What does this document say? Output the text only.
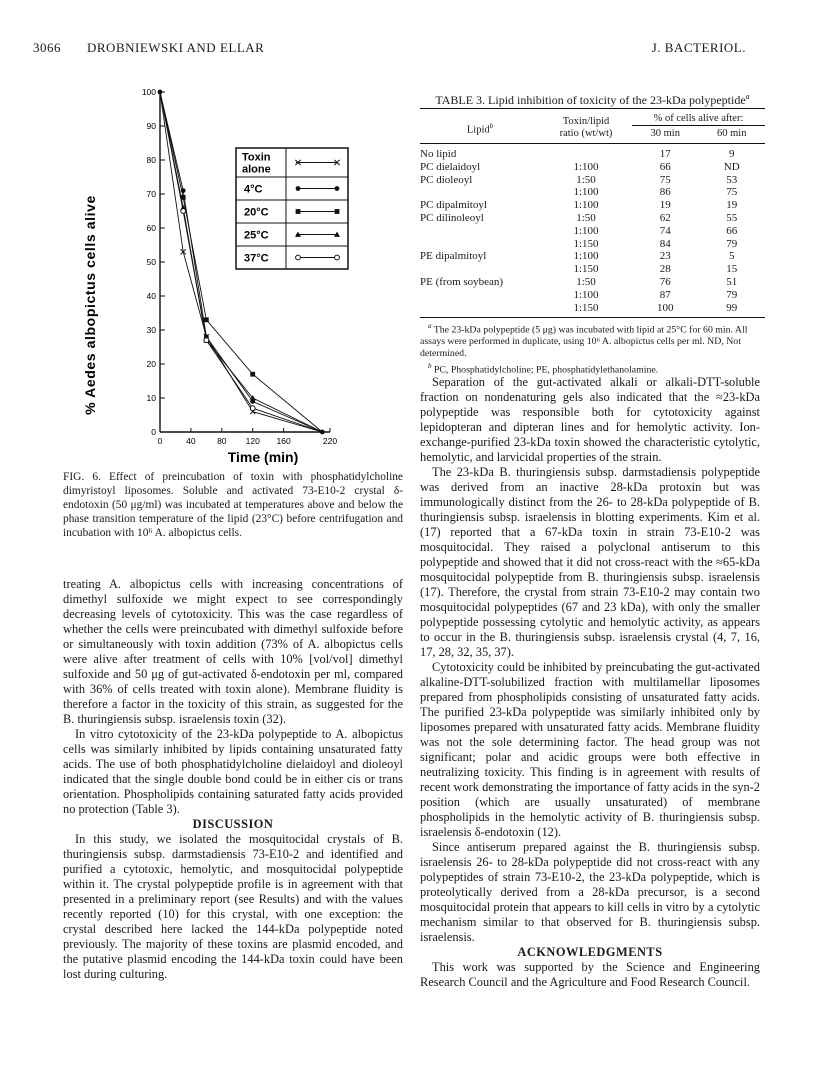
3066 DROBNIEWSKI AND ELLAR	J. BACTERIOL.
0
10
20
30
40
50
60
70
80
90
100
0	40	80 120 160	220
% Aedes albopictus cells alive
Time (min)
Toxin
alone
4°C
20°C
25°C
37°C
FIG. 6. Effect of preincubation of toxin with phosphatidylcholine dimyristoyl liposomes. Soluble and activated 73-E10-2 crystal δ-endotoxin (50 μg/ml) was incubated at temperatures above and below the phase transition temperature of the lipid (23°C) before centrifugation and incubation with 10⁶ A. albopictus cells.

treating A. albopictus cells with increasing concentrations of dimethyl sulfoxide we might expect to see correspondingly decreasing levels of cytotoxicity. This was the case regardless of whether the cells were preincubated with dimethyl sulfoxide before or simultaneously with toxin addition (73% of A. albopictus cells were alive after treatment of cells with 10% [vol/vol] dimethyl sulfoxide and 50 μg of gut-activated δ-endotoxin per ml, compared with 36% of cells treated with toxin alone). Membrane fluidity is therefore a factor in the toxicity of this strain, as suggested for the B. thuringiensis subsp. israelensis toxin (32).

In vitro cytotoxicity of the 23-kDa polypeptide to A. albopictus cells was similarly inhibited by lipids containing unsaturated fatty acids. The use of both phosphatidylcholine dielaidoyl and dioleoyl indicated that the single double bond could be in either cis or trans orientation. Phospholipids containing saturated fatty acids provided no protection (Table 3).

DISCUSSION

In this study, we isolated the mosquitocidal crystals of B. thuringiensis subsp. darmstadiensis 73-E10-2 and identified and purified a cytotoxic, hemolytic, and mosquitocidal polypeptide within it. The crystal polypeptide profile is in agreement with that presented in a preliminary report (see Results) and with the values recently reported (10) for this crystal, with one exception: the crystal described here lacked the 144-kDa polypeptide noted previously. The majority of these toxins are plasmid encoded, and the putative plasmid encoding the 144-kDa toxin could have been lost during culturing.

TABLE 3. Lipid inhibition of toxicity of the 23-kDa polypeptide$^a$
Lipid$^b$	Toxin/lipid
ratio (wt/wt)	% of cells alive after:	
		30 min	60 min
No lipid		17	9
PC dielaidoyl	1:100	66	ND
PC dioleoyl	1:50	75	53
	1:100	86	75
PC dipalmitoyl	1:100	19	19
PC dilinoleoyl	1:50	62	55
	1:100	74	66
	1:150	84	79
PE dipalmitoyl	1:100	23	5
	1:150	28	15
PE (from soybean)	1:50	76	51
	1:100	87	79
	1:150	100	99

$^a$ The 23-kDa polypeptide (5 μg) was incubated with lipid at 25°C for 60 min. All assays were performed in duplicate, using 10⁶ A. albopictus cells per ml. ND, Not determined.

$^b$ PC, Phosphatidylcholine; PE, phosphatidylethanolamine.

Separation of the gut-activated alkali or alkali-DTT-soluble fraction on nondenaturing gels also indicated that the ≈23-kDa polypeptide was responsible both for cytotoxicity against lepidopteran and dipteran lines and for hemolytic activity. Ion-exchange-purified 23-kDa toxin showed the characteristic cytolytic, hemolytic, and larvicidal properties of the strain.

The 23-kDa B. thuringiensis subsp. darmstadiensis polypeptide was derived from an inactive 28-kDa protoxin but was immunologically distinct from the 26- to 28-kDa polypeptide of B. thuringiensis subsp. israelensis in blotting experiments. Kim et al. (17) reported that a 67-kDa toxin in strain 73-E10-2 was mosquitocidal. They raised a polyclonal antiserum to this polypeptide and showed that it did not cross-react with the ≈65-kDa mosquitocidal polypeptide from B. thuringiensis subsp. israelensis (17). Therefore, the crystal from strain 73-E10-2 may contain two mosquitocidal polypeptides (67 and 23 kDa), with only the smaller polypeptide possessing cytolytic and hemolytic activity, as appears to occur in the B. thuringiensis subsp. israelensis crystal (4, 7, 16, 17, 28, 32, 35, 37).

Cytotoxicity could be inhibited by preincubating the gut-activated alkaline-DTT-solubilized fraction with multilamellar liposomes prepared from phospholipids consisting of unsaturated fatty acids. The purified 23-kDa polypeptide was similarly inhibited only by liposomes prepared with unsaturated fatty acids. Membrane fluidity was not the sole determining factor. The head group was not significant; polar and acidic groups were both effective in neutralizing toxicity. This finding is in agreement with results of recent work demonstrating the importance of fatty acids in the syn-2 position (which are usually unsaturated) of membrane phospholipids in the hemolytic activity of B. thuringiensis subsp. israelensis δ-endotoxin (12).

Since antiserum prepared against the B. thuringiensis subsp. israelensis 26- to 28-kDa polypeptide did not cross-react with any polypeptides of strain 73-E10-2, the 23-kDa polypeptide, which is proteolytically derived from a 28-kDa precursor, is a second mosquitocidal protein that appears to kill cells in vitro by a cytolytic mechanism similar to that observed for B. thuringiensis subsp. israelensis.

ACKNOWLEDGMENTS

This work was supported by the Science and Engineering Research Council and the Agriculture and Food Research Council.
